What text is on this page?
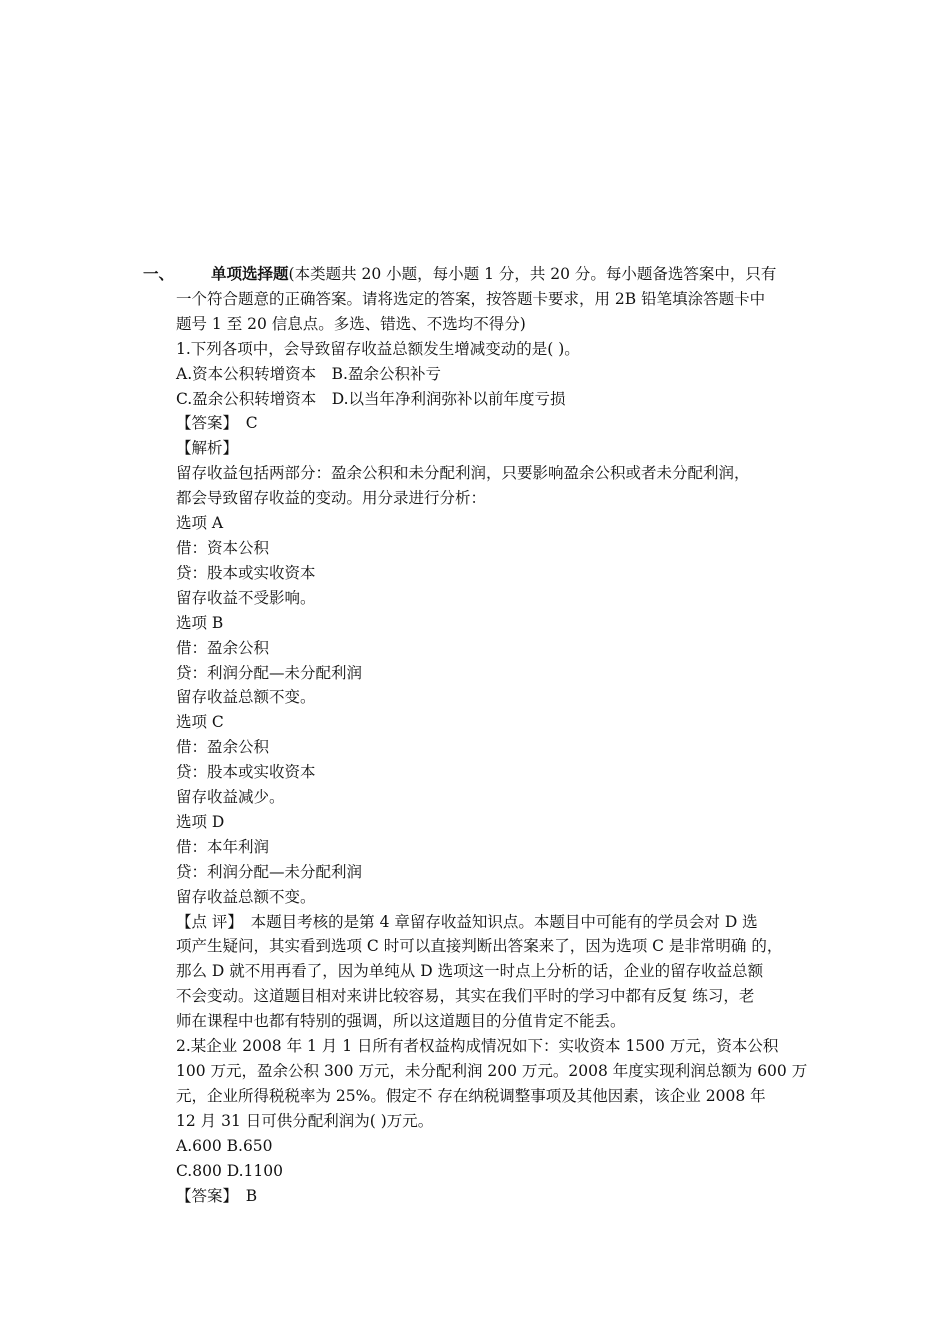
一、	单项选择题(本类题共 20 小题，每小题 1 分，共 20 分。每小题备选答案中，只有
一个符合题意的正确答案。请将选定的答案，按答题卡要求，用 2B 铅笔填涂答题卡中
题号 1 至 20 信息点。多选、错选、不选均不得分)
1.下列各项中，会导致留存收益总额发生增减变动的是( )。
A.资本公积转增资本　B.盈余公积补亏
C.盈余公积转增资本　D.以当年净利润弥补以前年度亏损
【答案】　C
【解析】
留存收益包括两部分：盈余公积和未分配利润，只要影响盈余公积或者未分配利润，
都会导致留存收益的变动。用分录进行分析：
选项 A
借：资本公积
贷：股本或实收资本
留存收益不受影响。
选项 B
借：盈余公积
贷：利润分配—未分配利润
留存收益总额不变。
选项 C
借：盈余公积
贷：股本或实收资本
留存收益减少。
选项 D
借：本年利润
贷：利润分配—未分配利润
留存收益总额不变。
【点 评】　本题目考核的是第 4 章留存收益知识点。本题目中可能有的学员会对 D 选
项产生疑问，其实看到选项 C 时可以直接判断出答案来了，因为选项 C 是非常明确 的，
那么 D 就不用再看了，因为单纯从 D 选项这一时点上分析的话，企业的留存收益总额
不会变动。这道题目相对来讲比较容易，其实在我们平时的学习中都有反复 练习，老
师在课程中也都有特别的强调，所以这道题目的分值肯定不能丢。
2.某企业 2008 年 1 月 1 日所有者权益构成情况如下：实收资本 1500 万元，资本公积
100 万元，盈余公积 300 万元，未分配利润 200 万元。2008 年度实现利润总额为 600 万
元，企业所得税税率为 25%。假定不 存在纳税调整事项及其他因素，该企业 2008 年
12 月 31 日可供分配利润为( )万元。
A.600 B.650
C.800 D.1100
【答案】　B
